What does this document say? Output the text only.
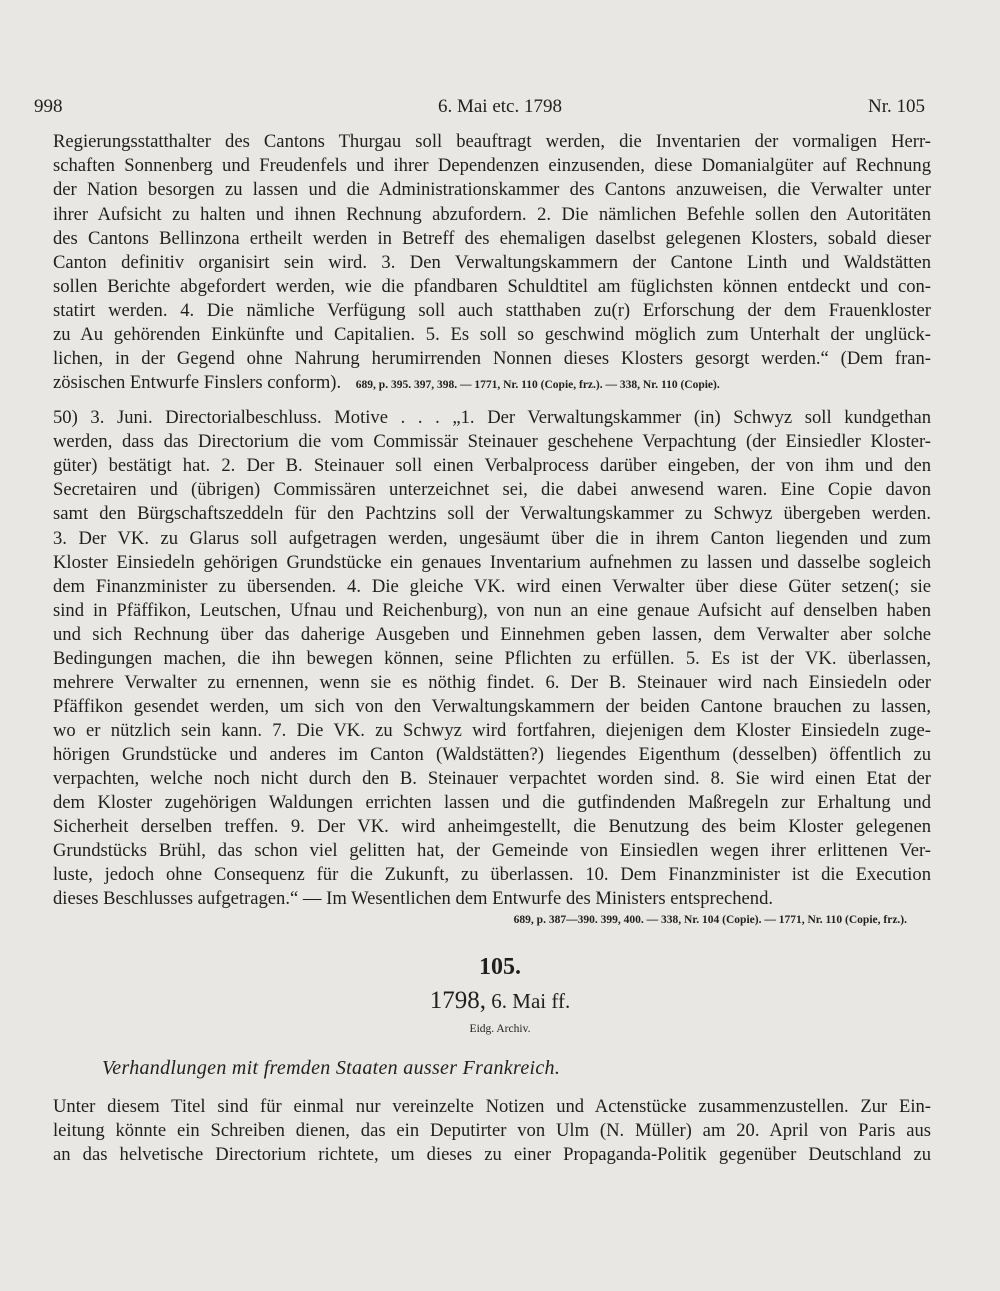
998	6. Mai etc. 1798	Nr. 105
Regierungsstatthalter des Cantons Thurgau soll beauftragt werden, die Inventarien der vormaligen Herr-
schaften Sonnenberg und Freudenfels und ihrer Dependenzen einzusenden, diese Domanialgüter auf Rechnung
der Nation besorgen zu lassen und die Administrationskammer des Cantons anzuweisen, die Verwalter unter
ihrer Aufsicht zu halten und ihnen Rechnung abzufordern. 2. Die nämlichen Befehle sollen den Autoritäten
des Cantons Bellinzona ertheilt werden in Betreff des ehemaligen daselbst gelegenen Klosters, sobald dieser
Canton definitiv organisirt sein wird. 3. Den Verwaltungskammern der Cantone Linth und Waldstätten
sollen Berichte abgefordert werden, wie die pfandbaren Schuldtitel am füglichsten können entdeckt und con-
statirt werden. 4. Die nämliche Verfügung soll auch statthaben zu(r) Erforschung der dem Frauenkloster
zu Au gehörenden Einkünfte und Capitalien. 5. Es soll so geschwind möglich zum Unterhalt der unglück-
lichen, in der Gegend ohne Nahrung herumirrenden Nonnen dieses Klosters gesorgt werden.“ (Dem fran-
zösischen Entwurfe Finslers conform). 689, p. 395. 397, 398. — 1771, Nr. 110 (Copie, frz.). — 338, Nr. 110 (Copie).
50) 3. Juni. Directorialbeschluss. Motive . . . „1. Der Verwaltungskammer (in) Schwyz soll kundgethan
werden, dass das Directorium die vom Commissär Steinauer geschehene Verpachtung (der Einsiedler Kloster-
güter) bestätigt hat. 2. Der B. Steinauer soll einen Verbalprocess darüber eingeben, der von ihm und den
Secretairen und (übrigen) Commissären unterzeichnet sei, die dabei anwesend waren. Eine Copie davon
samt den Bürgschaftszeddeln für den Pachtzins soll der Verwaltungskammer zu Schwyz übergeben werden.
3. Der VK. zu Glarus soll aufgetragen werden, ungesäumt über die in ihrem Canton liegenden und zum
Kloster Einsiedeln gehörigen Grundstücke ein genaues Inventarium aufnehmen zu lassen und dasselbe sogleich
dem Finanzminister zu übersenden. 4. Die gleiche VK. wird einen Verwalter über diese Güter setzen(; sie
sind in Pfäffikon, Leutschen, Ufnau und Reichenburg), von nun an eine genaue Aufsicht auf denselben haben
und sich Rechnung über das daherige Ausgeben und Einnehmen geben lassen, dem Verwalter aber solche
Bedingungen machen, die ihn bewegen können, seine Pflichten zu erfüllen. 5. Es ist der VK. überlassen,
mehrere Verwalter zu ernennen, wenn sie es nöthig findet. 6. Der B. Steinauer wird nach Einsiedeln oder
Pfäffikon gesendet werden, um sich von den Verwaltungskammern der beiden Cantone brauchen zu lassen,
wo er nützlich sein kann. 7. Die VK. zu Schwyz wird fortfahren, diejenigen dem Kloster Einsiedeln zuge-
hörigen Grundstücke und anderes im Canton (Waldstätten?) liegendes Eigenthum (desselben) öffentlich zu
verpachten, welche noch nicht durch den B. Steinauer verpachtet worden sind. 8. Sie wird einen Etat der
dem Kloster zugehörigen Waldungen errichten lassen und die gutfindenden Maßregeln zur Erhaltung und
Sicherheit derselben treffen. 9. Der VK. wird anheimgestellt, die Benutzung des beim Kloster gelegenen
Grundstücks Brühl, das schon viel gelitten hat, der Gemeinde von Einsiedlen wegen ihrer erlittenen Ver-
luste, jedoch ohne Consequenz für die Zukunft, zu überlassen. 10. Dem Finanzminister ist die Execution
dieses Beschlusses aufgetragen.“ — Im Wesentlichen dem Entwurfe des Ministers entsprechend.
689, p. 387—390. 399, 400. — 338, Nr. 104 (Copie). — 1771, Nr. 110 (Copie, frz.).
105.
1798, 6. Mai ff.
Eidg. Archiv.
Verhandlungen mit fremden Staaten ausser Frankreich.
Unter diesem Titel sind für einmal nur vereinzelte Notizen und Actenstücke zusammenzustellen. Zur Ein-
leitung könnte ein Schreiben dienen, das ein Deputirter von Ulm (N. Müller) am 20. April von Paris aus
an das helvetische Directorium richtete, um dieses zu einer Propaganda-Politik gegenüber Deutschland zu
